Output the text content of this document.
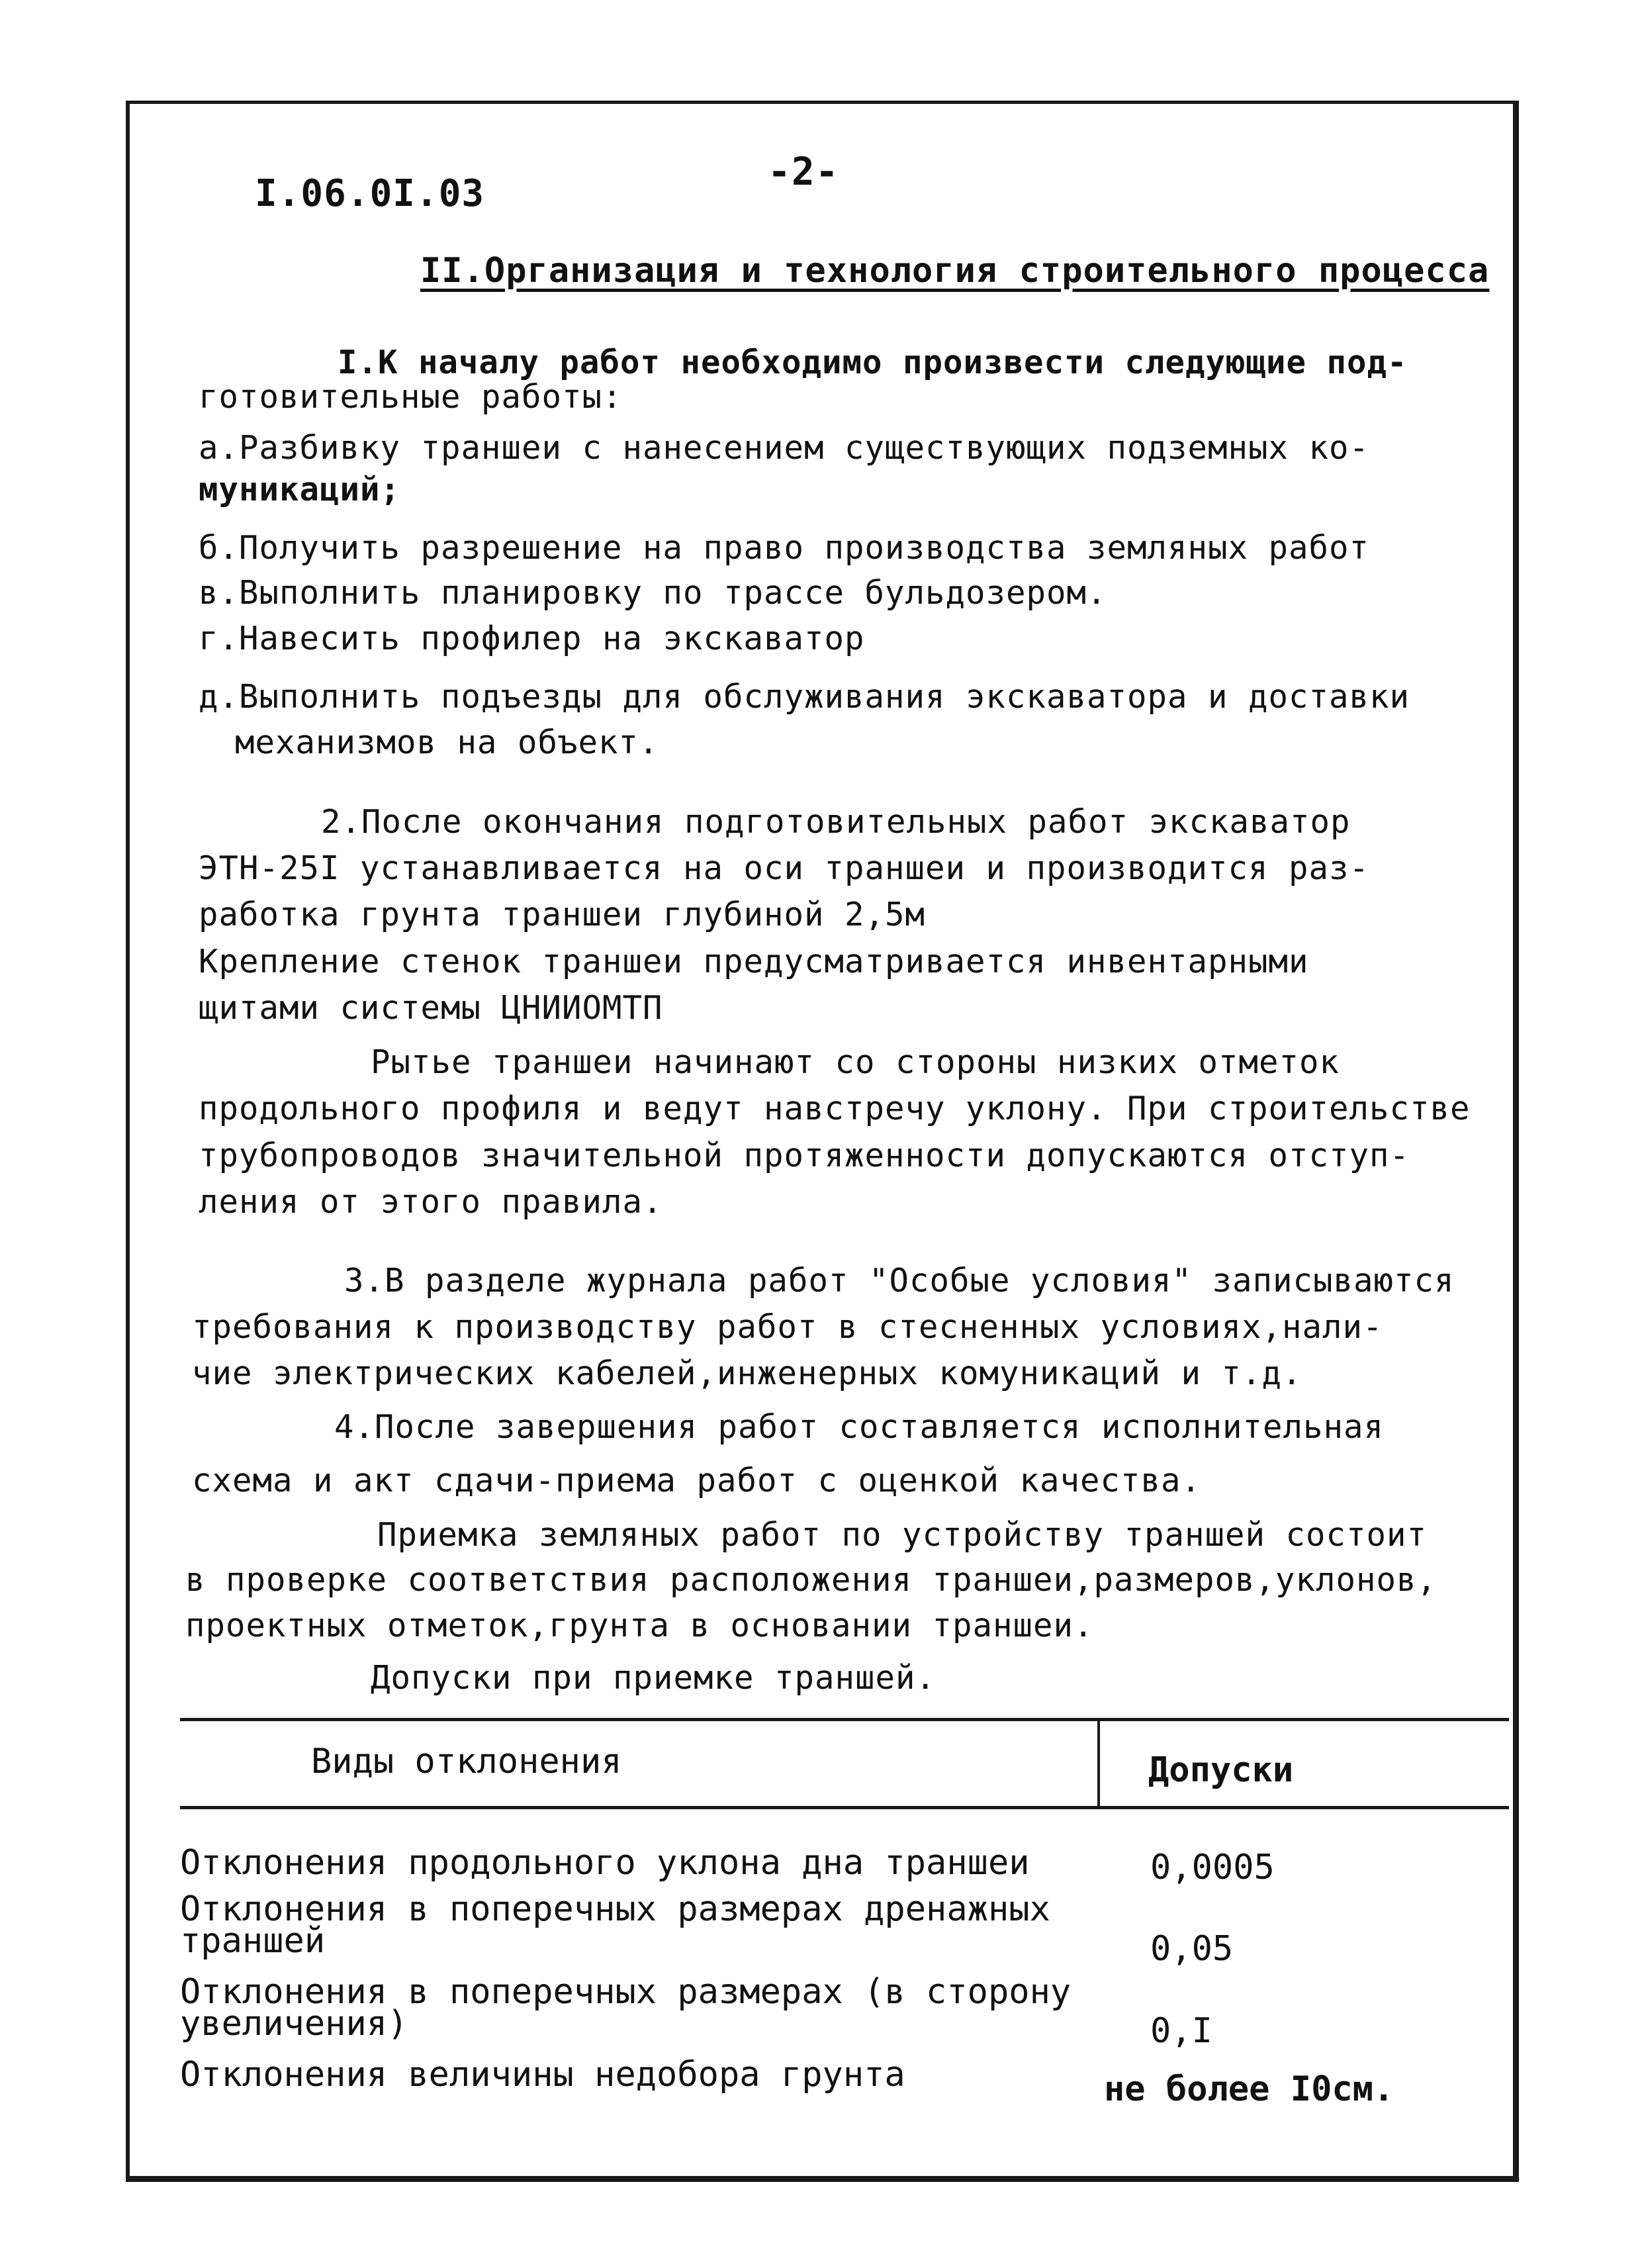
I.06.0I.03	-2-
II.Организация и технология строительного процесса
I.К началу работ необходимо произвести следующие под-
готовительные работы:
а.Разбивку траншеи с нанесением существующих подземных ко-
муникаций;
б.Получить разрешение на право производства земляных работ
в.Выполнить планировку по трассе бульдозером.
г.Навесить профилер на экскаватор
д.Выполнить подъезды для обслуживания экскаватора и доставки
механизмов на объект.
2.После окончания подготовительных работ экскаватор
ЭТН-25I устанавливается на оси траншеи и производится раз-
работка грунта траншеи глубиной 2,5м
Крепление стенок траншеи предусматривается инвентарными
щитами системы ЦНИИОМТП
Рытье траншеи начинают со стороны низких отметок
продольного профиля и ведут навстречу уклону. При строительстве
трубопроводов значительной протяженности допускаются отступ-
ления от этого правила.
3.В разделе журнала работ "Особые условия" записываются
требования к производству работ в стесненных условиях,нали-
чие электрических кабелей,инженерных комуникаций и т.д.
4.После завершения работ составляется исполнительная
схема и акт сдачи-приема работ с оценкой качества.
Приемка земляных работ по устройству траншей состоит
в проверке соответствия расположения траншеи,размеров,уклонов,
проектных отметок,грунта в основании траншеи.
Допуски при приемке траншей.
Виды отклонения	Допуски
Отклонения продольного уклона дна траншеи	0,0005
Отклонения в поперечных размерах дренажных траншей	0,05
Отклонения в поперечных размерах (в сторону увеличения)	0,I
Отклонения величины недобора грунта	не более I0см.
